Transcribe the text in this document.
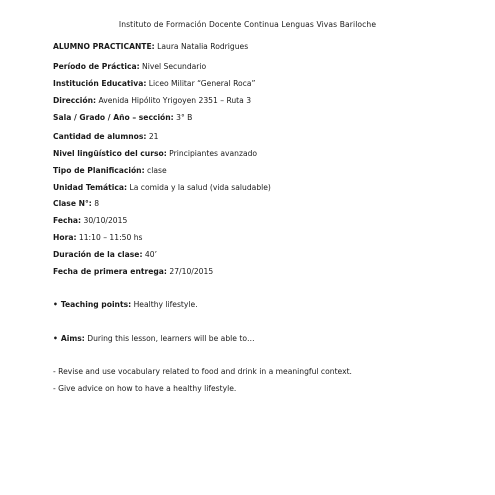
Instituto de Formación Docente Continua Lenguas Vivas Bariloche
ALUMNO PRACTICANTE: Laura Natalia Rodrigues
Período de Práctica: Nivel Secundario
Institución Educativa: Liceo Militar “General Roca”
Dirección: Avenida Hipólito Yrigoyen 2351 – Ruta 3
Sala / Grado / Año – sección: 3° B
Cantidad de alumnos: 21
Nivel lingüístico del curso: Principiantes avanzado
Tipo de Planificación: clase
Unidad Temática: La comida y la salud (vida saludable)
Clase N°: 8
Fecha: 30/10/2015
Hora: 11:10 – 11:50 hs
Duración de la clase: 40’
Fecha de primera entrega: 27/10/2015
• Teaching points: Healthy lifestyle.
• Aims: During this lesson, learners will be able to…
- Revise and use vocabulary related to food and drink in a meaningful context.
- Give advice on how to have a healthy lifestyle.
